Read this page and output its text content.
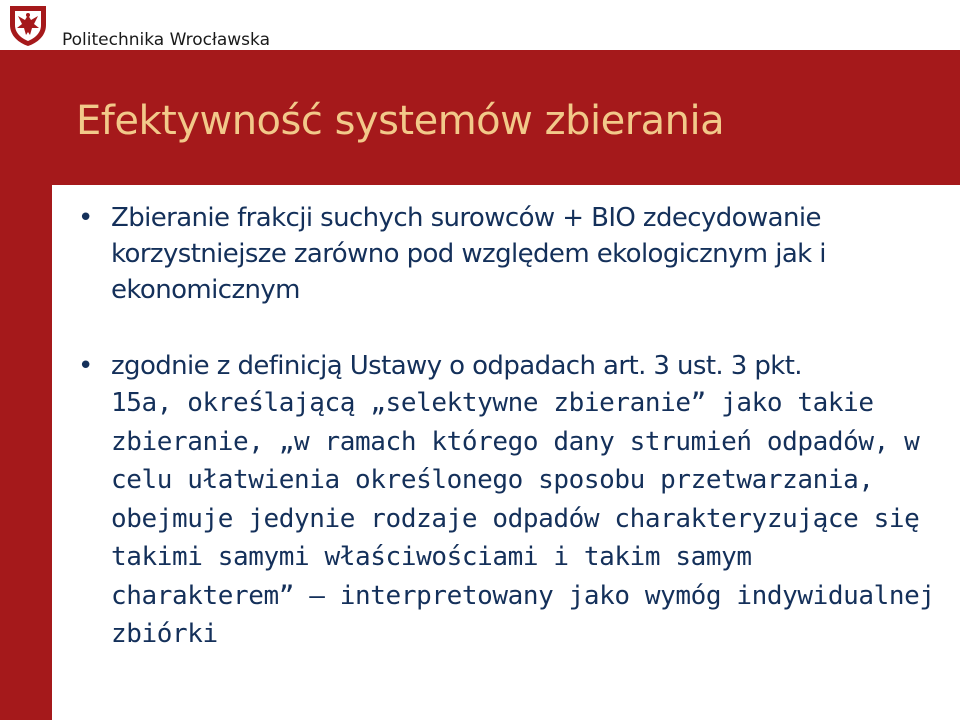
Politechnika Wrocławska
Efektywność systemów zbierania
• Zbieranie frakcji suchych surowców + BIO zdecydowanie korzystniejsze zarówno pod względem ekologicznym jak i ekonomicznym
• zgodnie z definicją Ustawy o odpadach art. 3 ust. 3 pkt.
15a, określającą „selektywne zbieranie” jako takie zbieranie, „w ramach którego dany strumień odpadów, w celu ułatwienia określonego sposobu przetwarzania, obejmuje jedynie rodzaje odpadów charakteryzujące się takimi samymi właściwościami i takim samym charakterem” – interpretowany jako wymóg indywidualnej zbiórki
